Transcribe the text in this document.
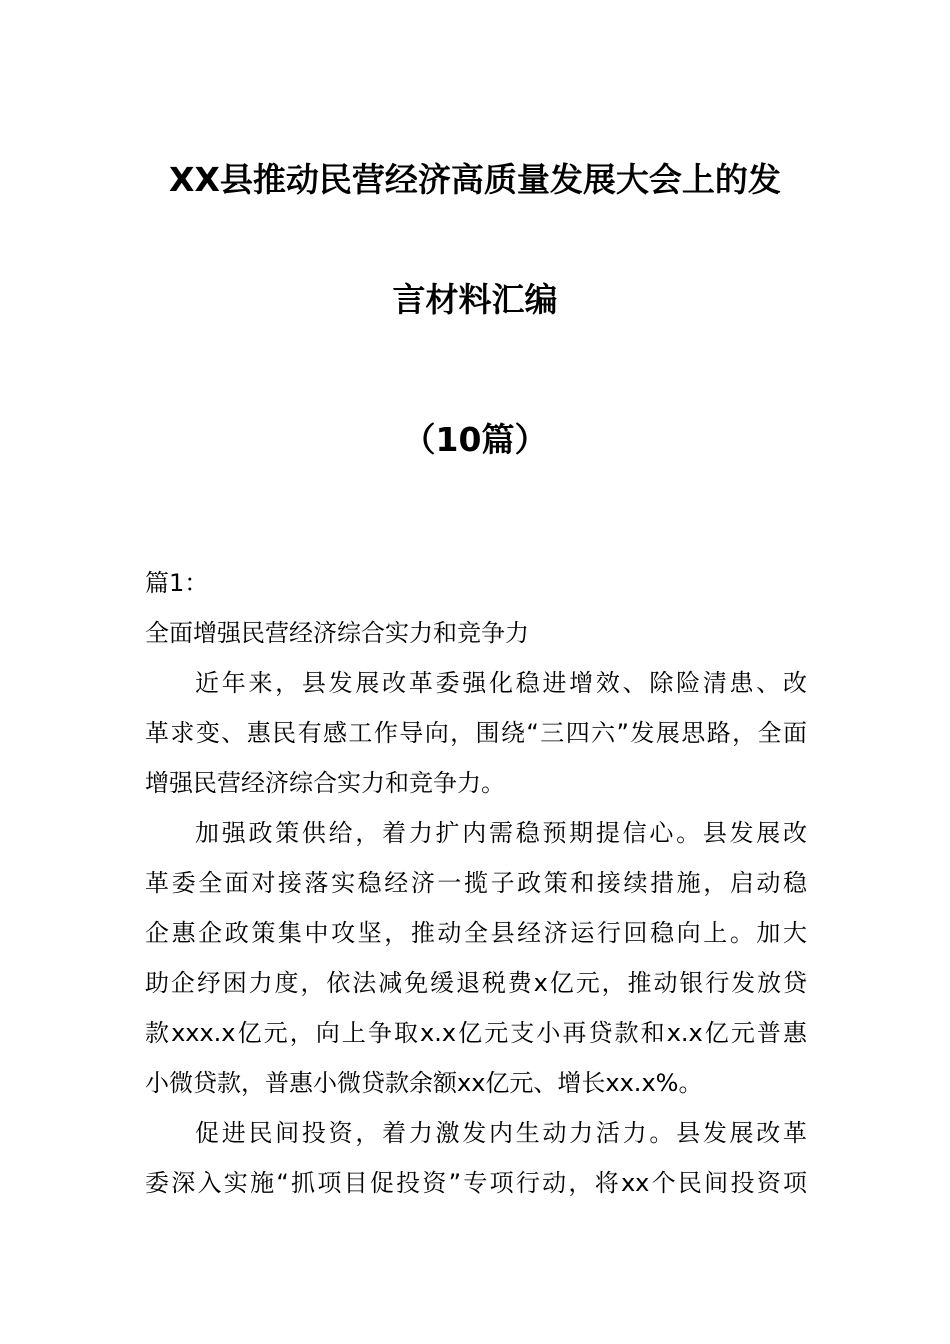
XX县推动民营经济高质量发展大会上的发
言材料汇编
（10篇）
篇1：
全面增强民营经济综合实力和竞争力
近年来，县发展改革委强化稳进增效、除险清患、改
革求变、惠民有感工作导向，围绕“三四六”发展思路，全面
增强民营经济综合实力和竞争力。
加强政策供给，着力扩内需稳预期提信心。县发展改
革委全面对接落实稳经济一揽子政策和接续措施，启动稳
企惠企政策集中攻坚，推动全县经济运行回稳向上。加大
助企纾困力度，依法减免缓退税费x亿元，推动银行发放贷
款xxx.x亿元，向上争取x.x亿元支小再贷款和x.x亿元普惠
小微贷款，普惠小微贷款余额xx亿元、增长xx.x%。
促进民间投资，着力激发内生动力活力。县发展改革
委深入实施“抓项目促投资”专项行动，将xx个民间投资项
